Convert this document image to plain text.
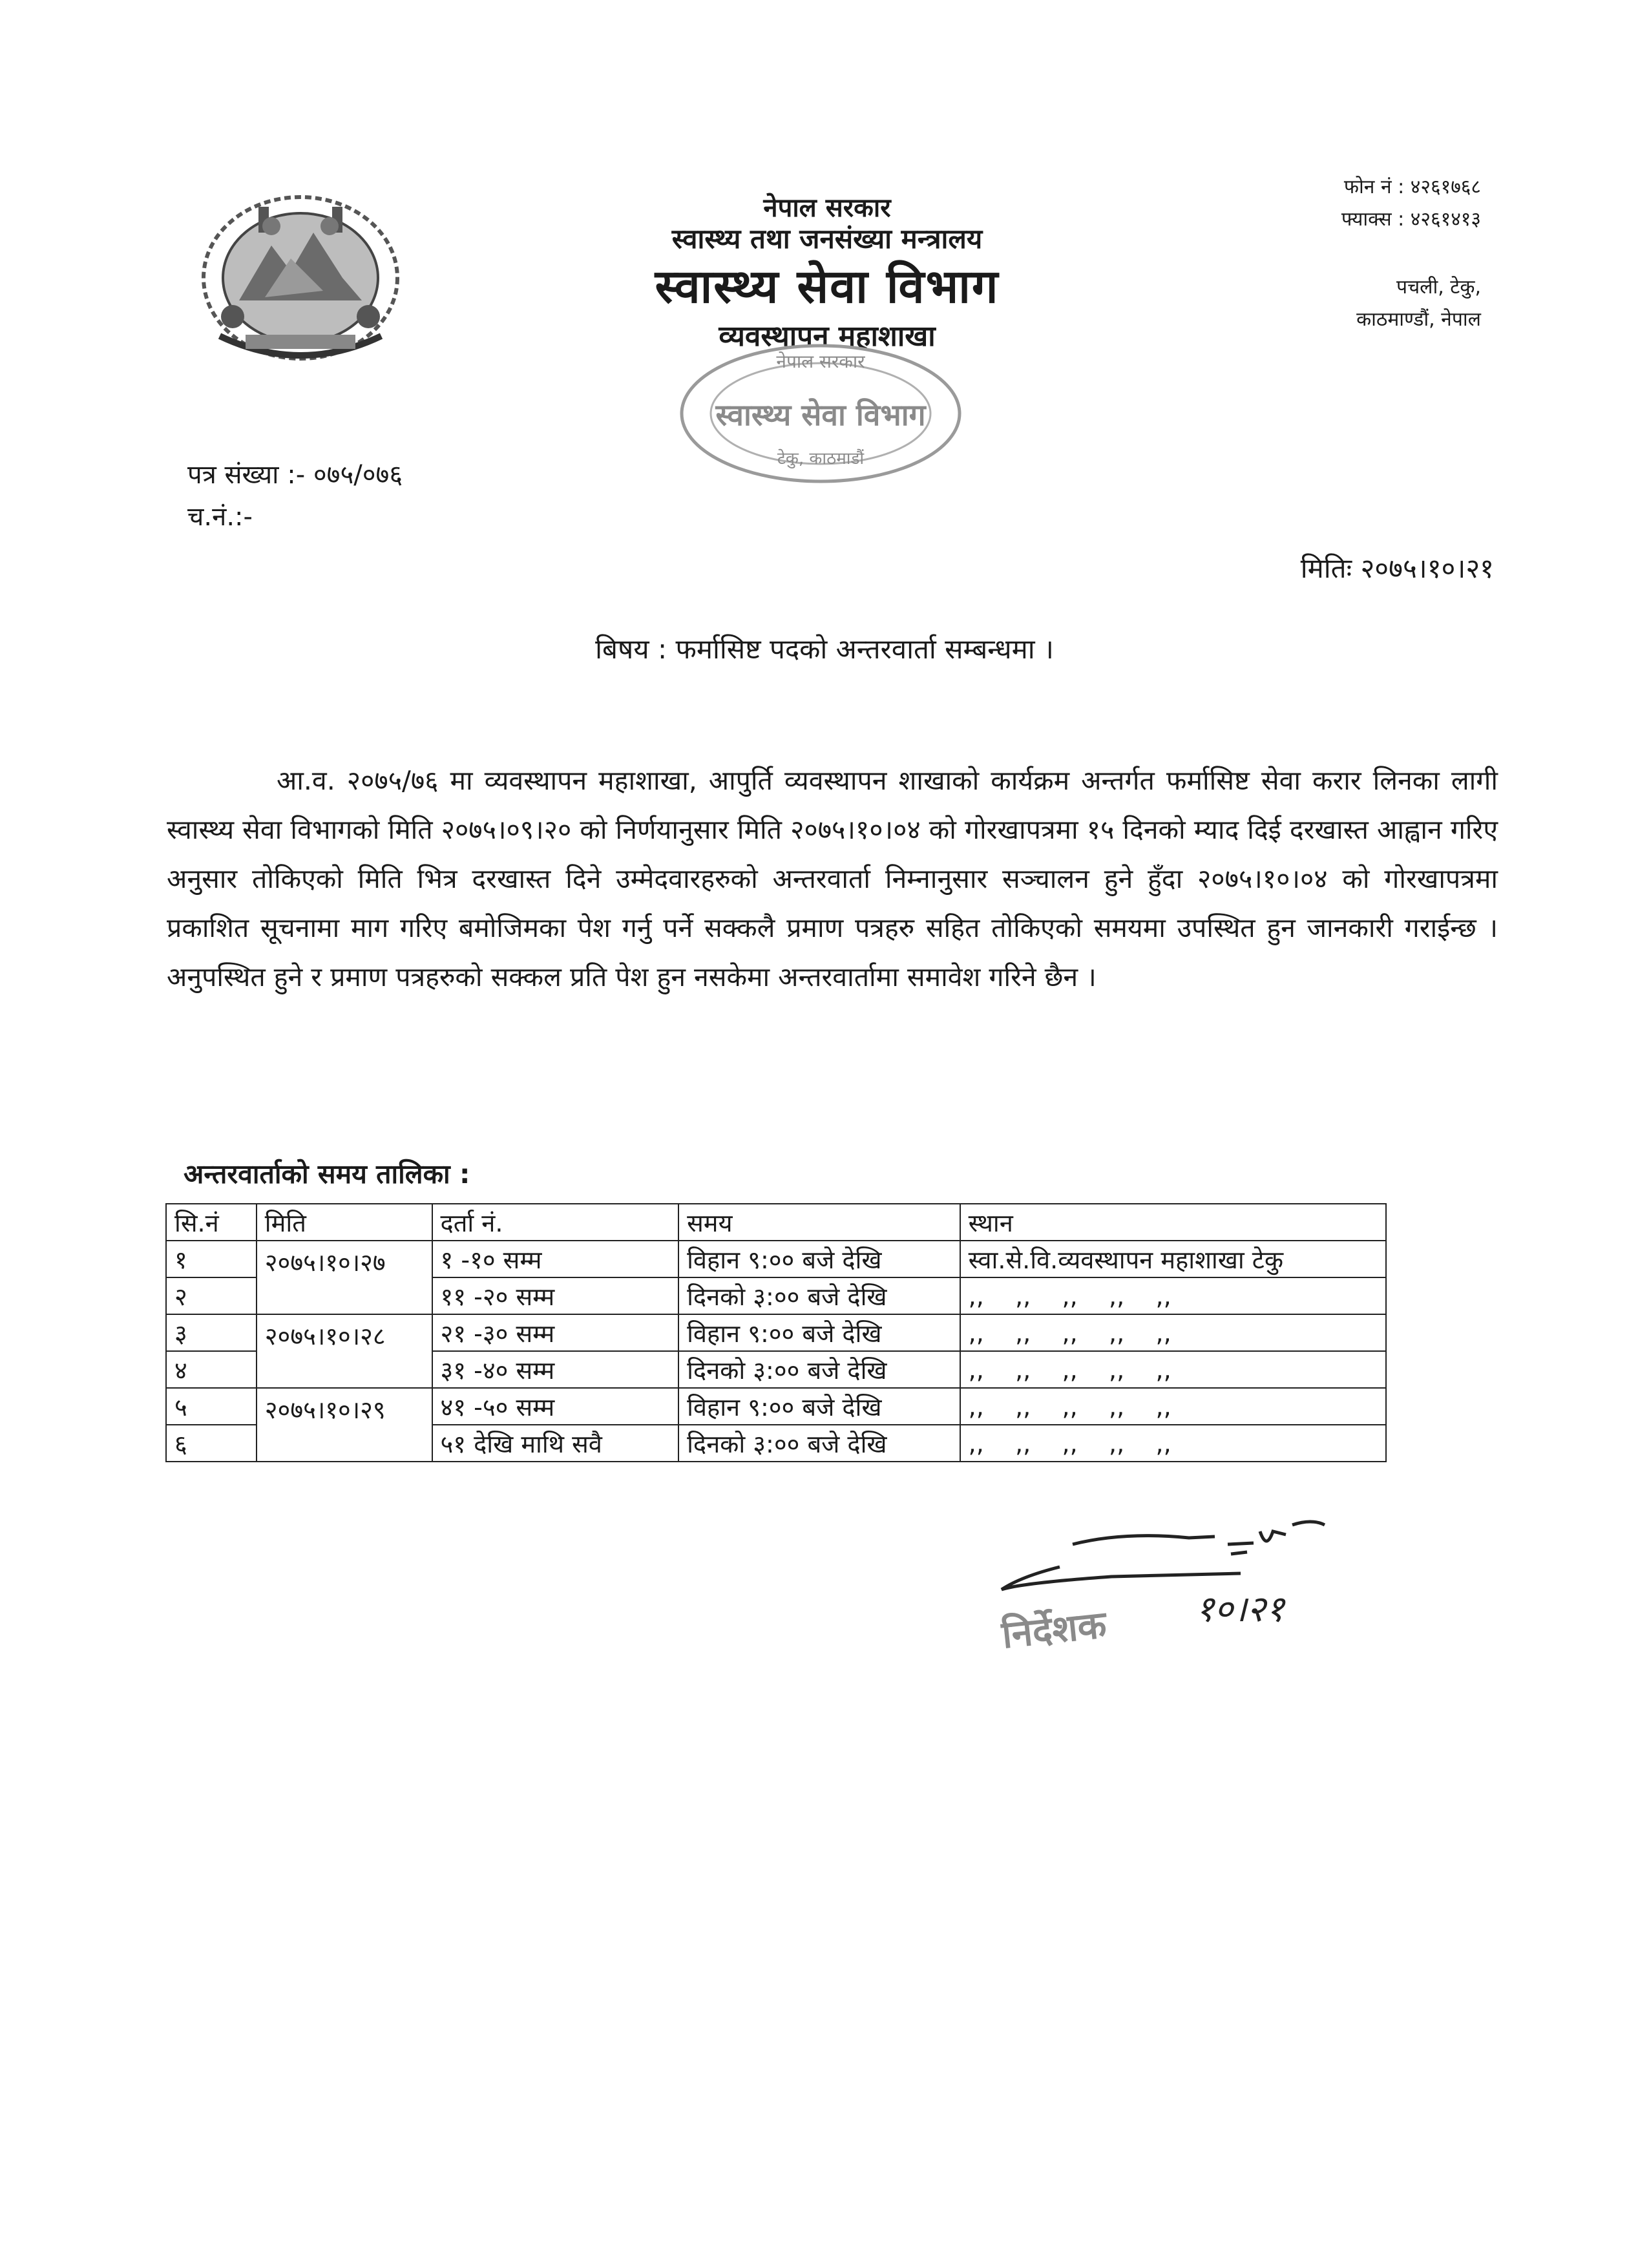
नेपाल सरकार
स्वास्थ्य तथा जनसंख्या मन्त्रालय
स्वास्थ्य सेवा विभाग
व्यवस्थापन महाशाखा
फोन नं : ४२६१७६८
फ्याक्स : ४२६१४१३
पचली, टेकु,
काठमाण्डौं, नेपाल
नेपाल सरकार
स्वास्थ्य सेवा विभाग
टेकु, काठमाडौं
पत्र संख्या :- ०७५/०७६
च.नं.:-
मितिः २०७५।१०।२१
बिषय : फर्मासिष्ट पदको अन्तरवार्ता सम्बन्धमा ।
आ.व. २०७५/७६ मा व्यवस्थापन महाशाखा, आपुर्ति व्यवस्थापन शाखाको कार्यक्रम अन्तर्गत फर्मासिष्ट सेवा करार लिनका लागी स्वास्थ्य सेवा विभागको मिति २०७५।०९।२० को निर्णयानुसार मिति २०७५।१०।०४ को गोरखापत्रमा १५ दिनको म्याद दिई दरखास्त आह्वान गरिए अनुसार तोकिएको मिति भित्र दरखास्त दिने उम्मेदवारहरुको अन्तरवार्ता निम्नानुसार सञ्चालन हुने हुँदा २०७५।१०।०४ को गोरखापत्रमा प्रकाशित सूचनामा माग गरिए बमोजिमका पेश गर्नु पर्ने सक्कलै प्रमाण पत्रहरु सहित तोकिएको समयमा उपस्थित हुन जानकारी गराईन्छ । अनुपस्थित हुने र प्रमाण पत्रहरुको सक्कल प्रति पेश हुन नसकेमा अन्तरवार्तामा समावेश गरिने छैन ।
अन्तरवार्ताको समय तालिका :
सि.नं	मिति	दर्ता नं.	समय	स्थान
१	२०७५।१०।२७	१ -१० सम्म	विहान ९:०० बजे देखि	स्वा.से.वि.व्यवस्थापन महाशाखा टेकु
२		११ -२० सम्म	दिनको ३:०० बजे देखि	,,    ,,    ,,    ,,    ,,
३	२०७५।१०।२८	२१ -३० सम्म	विहान ९:०० बजे देखि	,,    ,,    ,,    ,,    ,,
४		३१ -४० सम्म	दिनको ३:०० बजे देखि	,,    ,,    ,,    ,,    ,,
५	२०७५।१०।२९	४१ -५० सम्म	विहान ९:०० बजे देखि	,,    ,,    ,,    ,,    ,,
६		५१ देखि माथि सवै	दिनको ३:०० बजे देखि	,,    ,,    ,,    ,,    ,,
निर्देशक १०।२१
